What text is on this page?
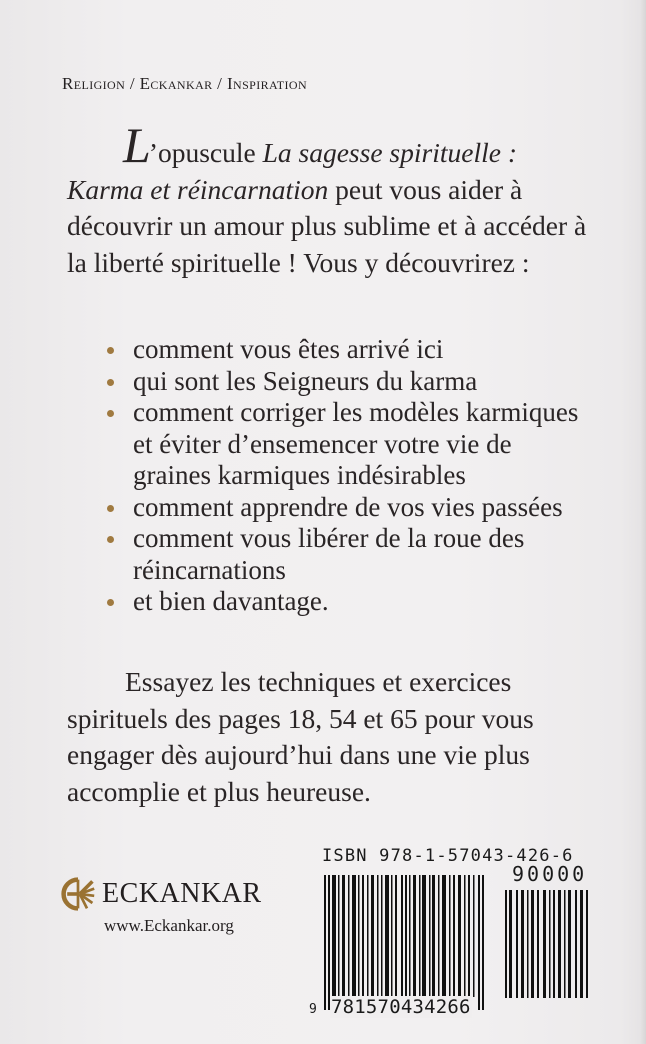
Religion / Eckankar / Inspiration
L’opuscule La sagesse spirituelle : Karma et réincarnation peut vous aider à découvrir un amour plus sublime et à accéder à la liberté spirituelle ! Vous y découvrirez :
comment vous êtes arrivé ici
qui sont les Seigneurs du karma
comment corriger les modèles karmiques et éviter d’ensemencer votre vie de graines karmiques indésirables
comment apprendre de vos vies passées
comment vous libérer de la roue des réincarnations
et bien davantage.
Essayez les techniques et exercices spirituels des pages 18, 54 et 65 pour vous engager dès aujourd’hui dans une vie plus accomplie et plus heureuse.
ECKANKAR
www.Eckankar.org
ISBN 978-1-57043-426-6
90000
9 781570434266
